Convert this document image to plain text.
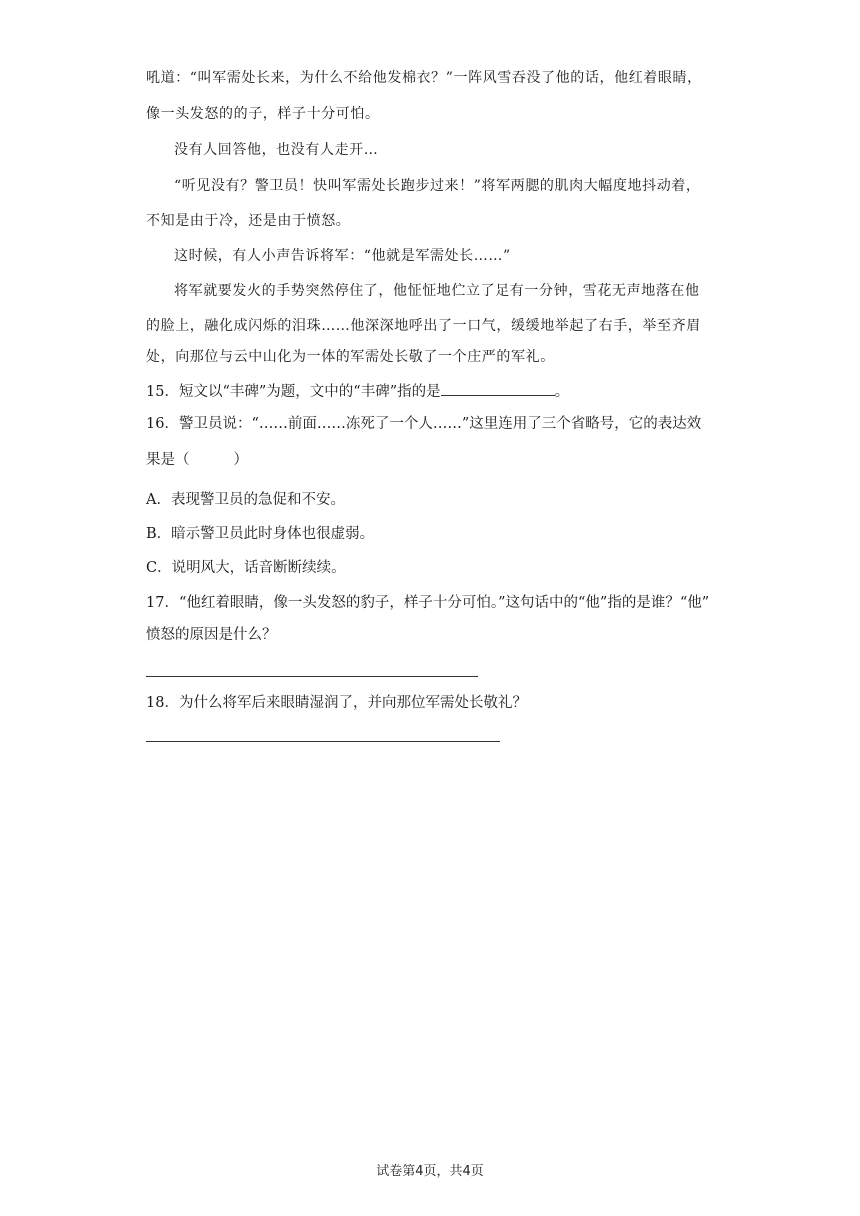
吼道：“叫军需处长来，为什么不给他发棉衣？”一阵风雪吞没了他的话，他红着眼睛，
像一头发怒的的子，样子十分可怕。
没有人回答他，也没有人走开…
“听见没有？警卫员！快叫军需处长跑步过来！”将军两腮的肌肉大幅度地抖动着，
不知是由于冷，还是由于愤怒。
这时候，有人小声告诉将军：“他就是军需处长……”
将军就要发火的手势突然停住了，他怔怔地伫立了足有一分钟，雪花无声地落在他
的脸上，融化成闪烁的泪珠……他深深地呼出了一口气，缓缓地举起了右手，举至齐眉
处，向那位与云中山化为一体的军需处长敬了一个庄严的军礼。
15．短文以“丰碑”为题，文中的“丰碑”指的是	。
16．警卫员说：“……前面……冻死了一个人……”这里连用了三个省略号，它的表达效
果是（	）
A．表现警卫员的急促和不安。
B．暗示警卫员此时身体也很虚弱。
C．说明风大，话音断断续续。
17．“他红着眼睛，像一头发怒的豹子，样子十分可怕。”这句话中的“他”指的是谁？“他”
愤怒的原因是什么？
18．为什么将军后来眼睛湿润了，并向那位军需处长敬礼？
试卷第4页，共4页
